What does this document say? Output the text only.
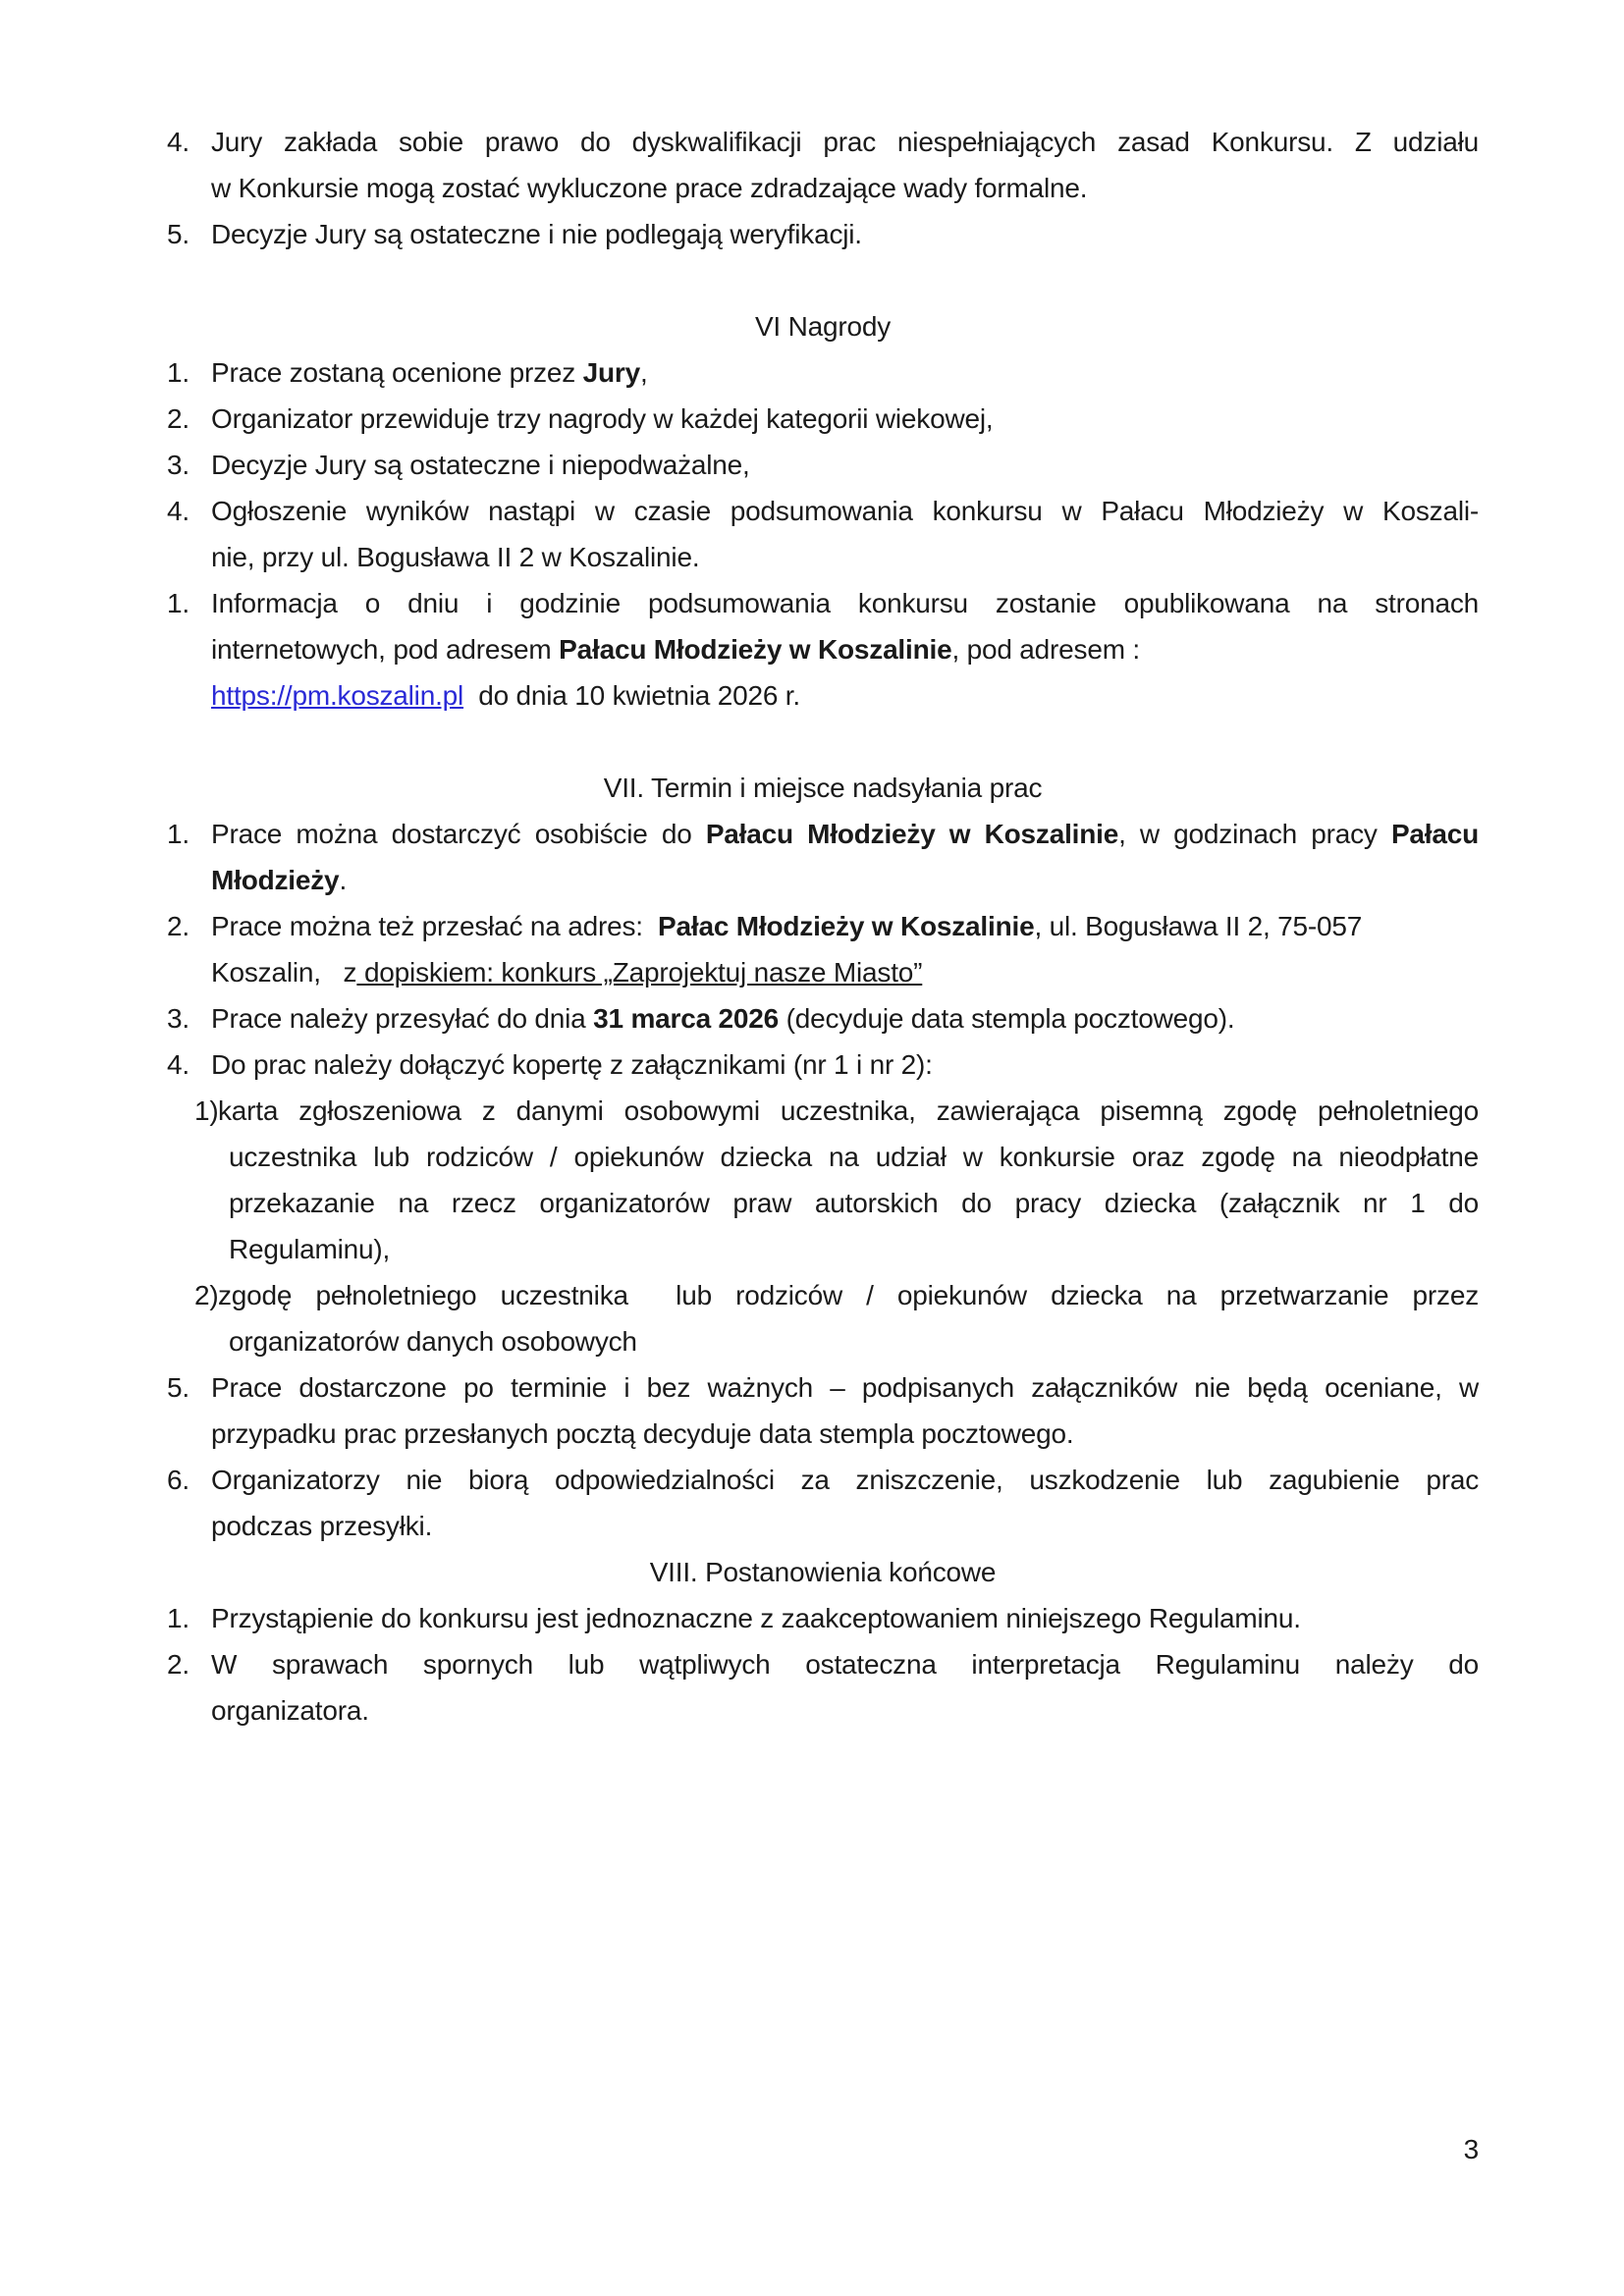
4. Jury zakłada sobie prawo do dyskwalifikacji prac niespełniających zasad Konkursu. Z udziału
w Konkursie mogą zostać wykluczone prace zdradzające wady formalne.
5. Decyzje Jury są ostateczne i nie podlegają weryfikacji.
VI Nagrody
1. Prace zostaną ocenione przez Jury,
2. Organizator przewiduje trzy nagrody w każdej kategorii wiekowej,
3. Decyzje Jury są ostateczne i niepodważalne,
4. Ogłoszenie wyników nastąpi w czasie podsumowania konkursu w Pałacu Młodzieży w Koszali-
nie, przy ul. Bogusława II 2 w Koszalinie.
1. Informacja o dniu i godzinie podsumowania konkursu zostanie opublikowana na stronach
internetowych, pod adresem Pałacu Młodzieży w Koszalinie, pod adresem :
https://pm.koszalin.pl  do dnia 10 kwietnia 2026 r.
VII. Termin i miejsce nadsyłania prac
1. Prace można dostarczyć osobiście do Pałacu Młodzieży w Koszalinie, w godzinach pracy Pałacu
Młodzieży.
2. Prace można też przesłać na adres:  Pałac Młodzieży w Koszalinie, ul. Bogusława II 2, 75-057
Koszalin,   z dopiskiem: konkurs „Zaprojektuj nasze Miasto”
3. Prace należy przesyłać do dnia 31 marca 2026 (decyduje data stempla pocztowego).
4. Do prac należy dołączyć kopertę z załącznikami (nr 1 i nr 2):
1)karta zgłoszeniowa z danymi osobowymi uczestnika, zawierająca pisemną zgodę pełnoletniego
uczestnika lub rodziców / opiekunów dziecka na udział w konkursie oraz zgodę na nieodpłatne
przekazanie na rzecz organizatorów praw autorskich do pracy dziecka (załącznik nr 1 do
Regulaminu),
2)zgodę pełnoletniego uczestnika  lub rodziców / opiekunów dziecka na przetwarzanie przez
organizatorów danych osobowych
5. Prace dostarczone po terminie i bez ważnych – podpisanych załączników nie będą oceniane, w
przypadku prac przesłanych pocztą decyduje data stempla pocztowego.
6. Organizatorzy nie biorą odpowiedzialności za zniszczenie, uszkodzenie lub zagubienie prac
podczas przesyłki.
VIII. Postanowienia końcowe
1. Przystąpienie do konkursu jest jednoznaczne z zaakceptowaniem niniejszego Regulaminu.
2. W sprawach spornych lub wątpliwych ostateczna interpretacja Regulaminu należy do
organizatora.
3
